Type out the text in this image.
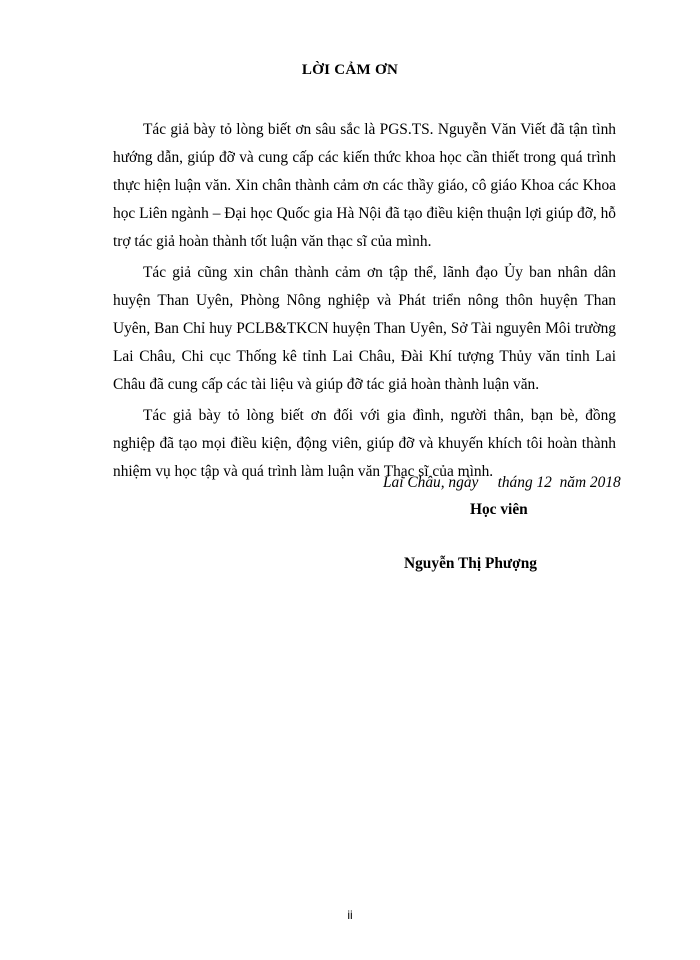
LỜI CẢM ƠN

Tác giả bày tỏ lòng biết ơn sâu sắc là PGS.TS. Nguyễn Văn Viết đã tận tình hướng dẫn, giúp đỡ và cung cấp các kiến thức khoa học cần thiết trong quá trình thực hiện luận văn. Xin chân thành cảm ơn các thầy giáo, cô giáo Khoa các Khoa học Liên ngành – Đại học Quốc gia Hà Nội đã tạo điều kiện thuận lợi giúp đỡ, hỗ trợ tác giả hoàn thành tốt luận văn thạc sĩ của mình.

Tác giả cũng xin chân thành cảm ơn tập thể, lãnh đạo Ủy ban nhân dân huyện Than Uyên, Phòng Nông nghiệp và Phát triển nông thôn huyện Than Uyên, Ban Chỉ huy PCLB&TKCN huyện Than Uyên, Sở Tài nguyên Môi trường Lai Châu, Chi cục Thống kê tỉnh Lai Châu, Đài Khí tượng Thủy văn tỉnh Lai Châu đã cung cấp các tài liệu và giúp đỡ tác giả hoàn thành luận văn.

Tác giả bày tỏ lòng biết ơn đối với gia đình, người thân, bạn bè, đồng nghiệp đã tạo mọi điều kiện, động viên, giúp đỡ và khuyến khích tôi hoàn thành nhiệm vụ học tập và quá trình làm luận văn Thạc sĩ của mình.

Lai Châu, ngày     tháng 12  năm 2018
Học viên
Nguyễn Thị Phượng
ii
